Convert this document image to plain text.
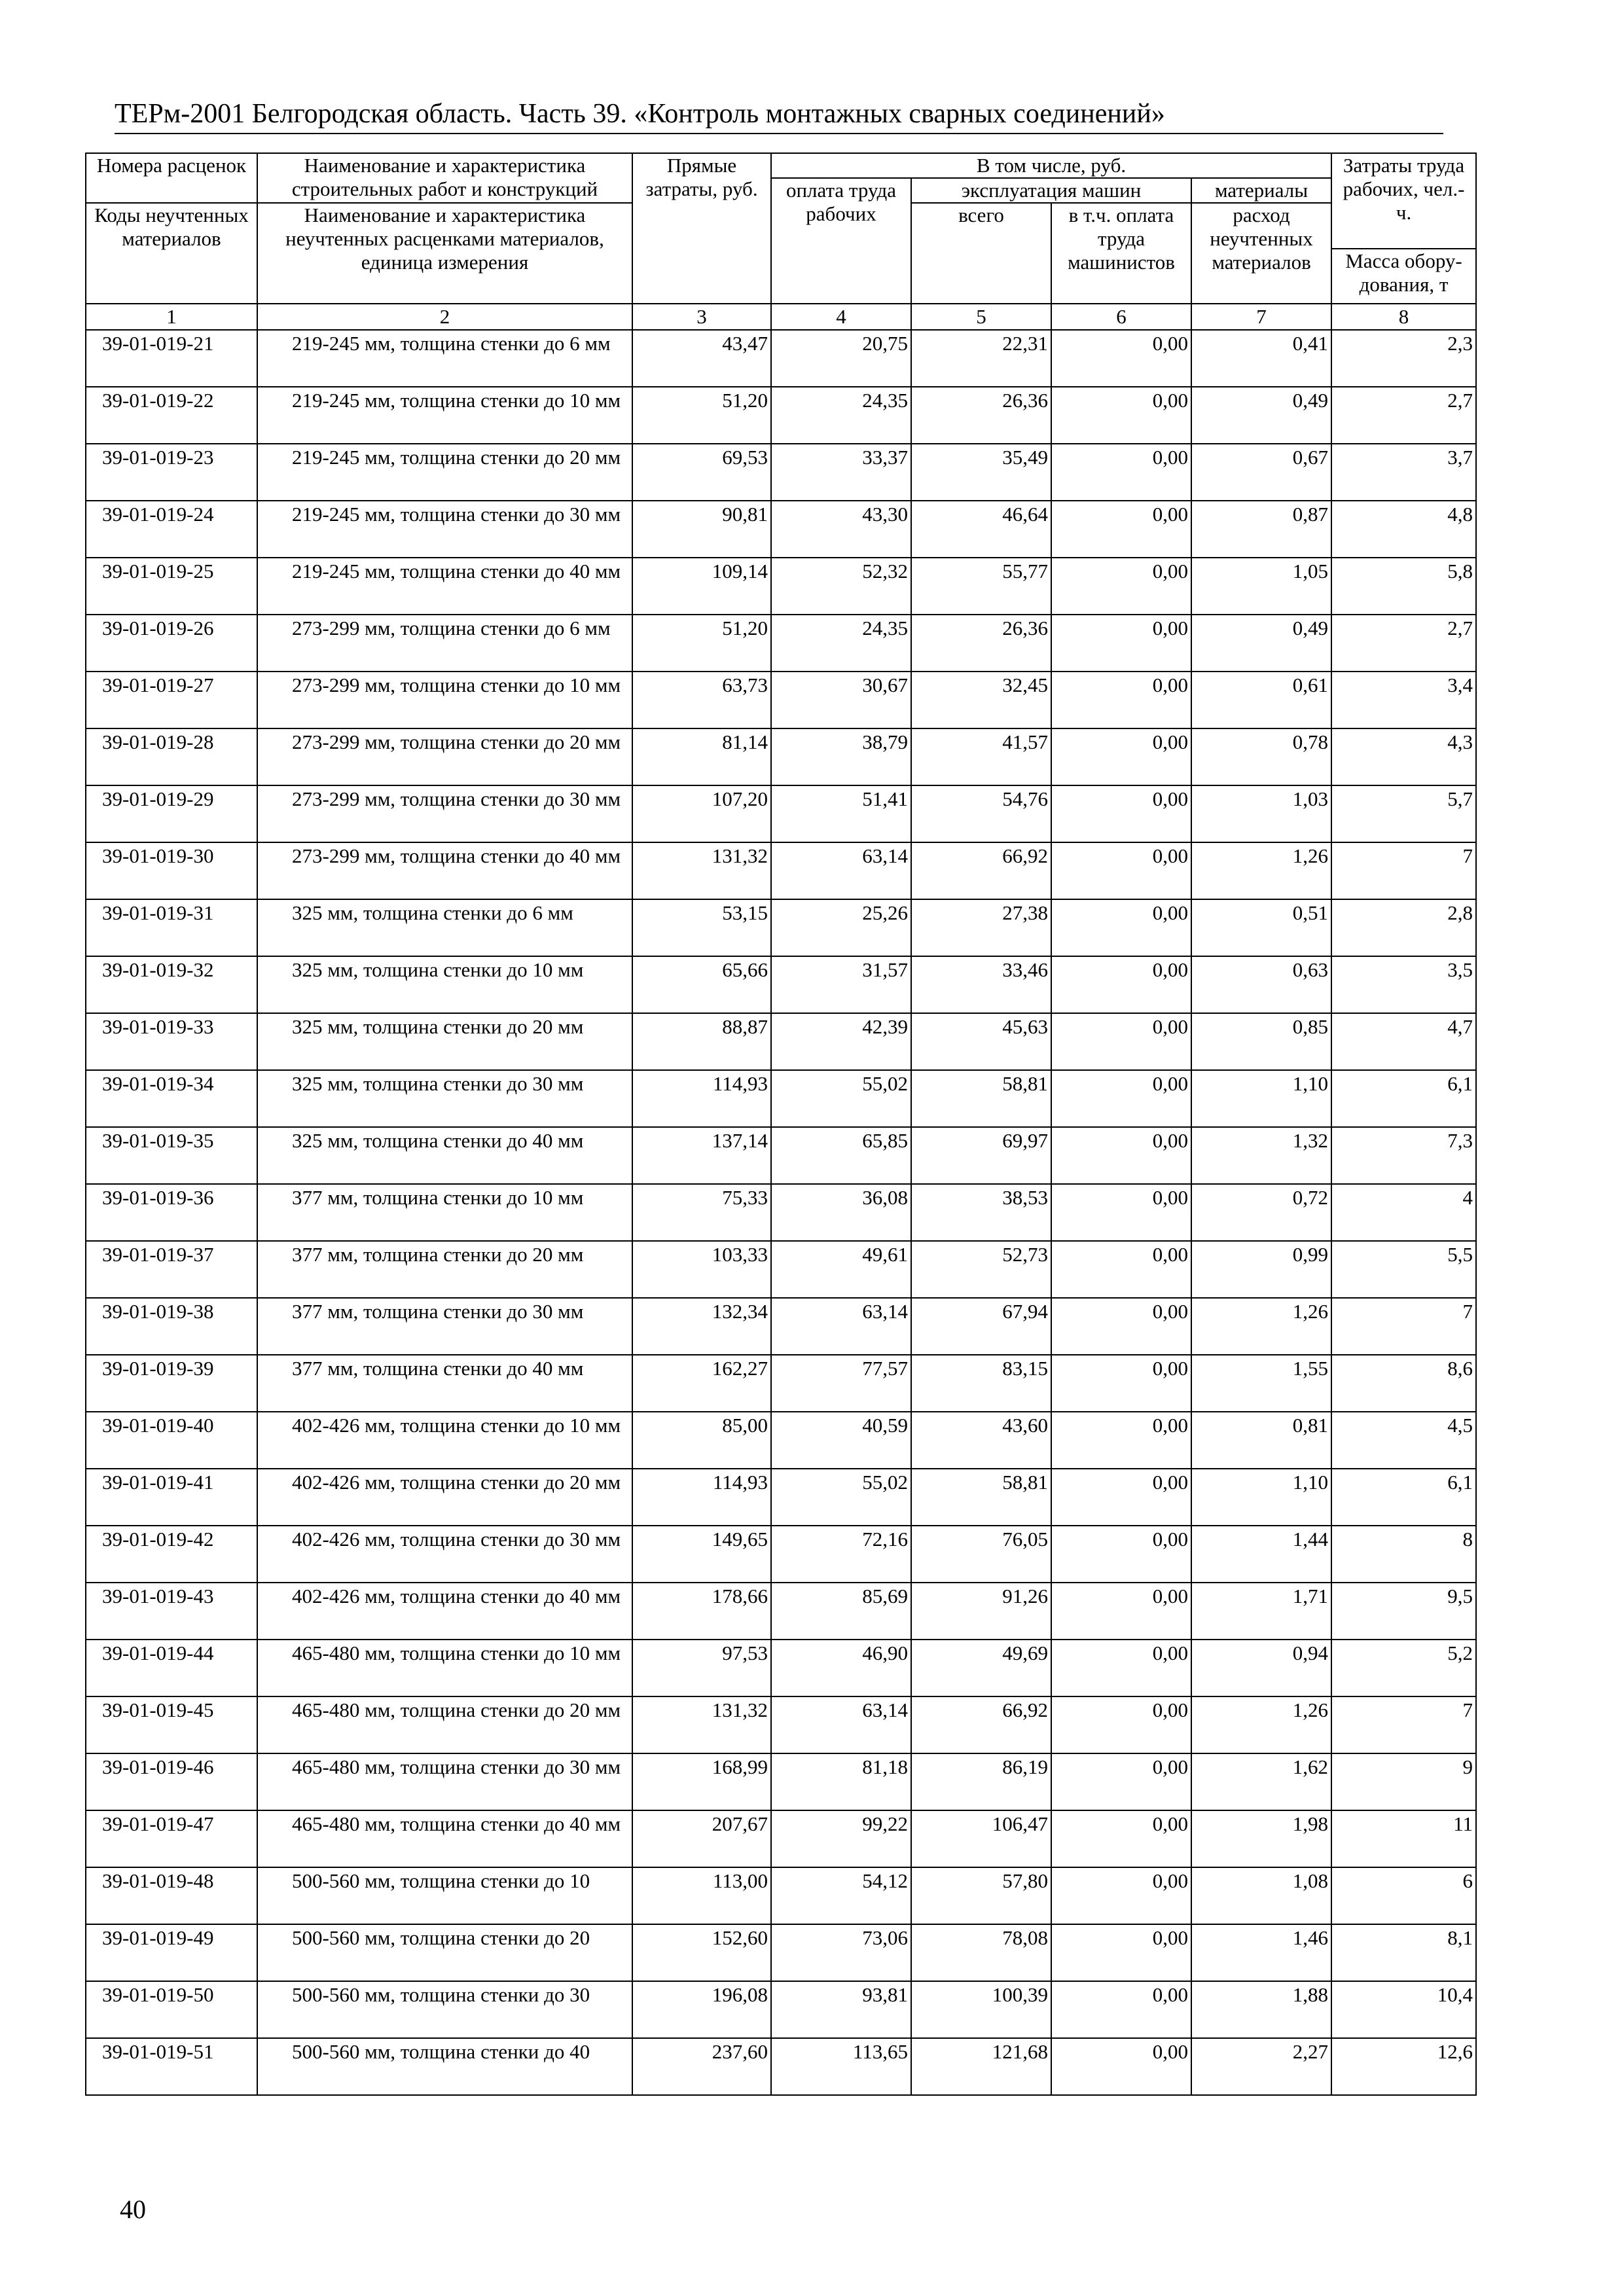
ТЕРм-2001 Белгородская область. Часть 39. «Контроль монтажных сварных соединений»
Номера расценок	Наименование и характеристика строительных работ и конструкций	Прямые затраты, руб.	В том числе, руб.				Затраты труда рабочих, чел.-ч.
			оплата труда рабочих	эксплуатация машин		материалы	
Коды неучтенных материалов	Наименование и характеристика неучтенных расценками материалов, единица измерения			всего	в т.ч. оплата труда машинистов	расход неучтенных материалов	
							Масса обору-дования, т
1	2	3	4	5	6	7	8
39-01-019-21	219-245 мм, толщина стенки до 6 мм	43,47	20,75	22,31	0,00	0,41	2,3
39-01-019-22	219-245 мм, толщина стенки до 10 мм	51,20	24,35	26,36	0,00	0,49	2,7
39-01-019-23	219-245 мм, толщина стенки до 20 мм	69,53	33,37	35,49	0,00	0,67	3,7
39-01-019-24	219-245 мм, толщина стенки до 30 мм	90,81	43,30	46,64	0,00	0,87	4,8
39-01-019-25	219-245 мм, толщина стенки до 40 мм	109,14	52,32	55,77	0,00	1,05	5,8
39-01-019-26	273-299 мм, толщина стенки до 6 мм	51,20	24,35	26,36	0,00	0,49	2,7
39-01-019-27	273-299 мм, толщина стенки до 10 мм	63,73	30,67	32,45	0,00	0,61	3,4
39-01-019-28	273-299 мм, толщина стенки до 20 мм	81,14	38,79	41,57	0,00	0,78	4,3
39-01-019-29	273-299 мм, толщина стенки до 30 мм	107,20	51,41	54,76	0,00	1,03	5,7
39-01-019-30	273-299 мм, толщина стенки до 40 мм	131,32	63,14	66,92	0,00	1,26	7
39-01-019-31	325 мм, толщина стенки до 6 мм	53,15	25,26	27,38	0,00	0,51	2,8
39-01-019-32	325 мм, толщина стенки до 10 мм	65,66	31,57	33,46	0,00	0,63	3,5
39-01-019-33	325 мм, толщина стенки до 20 мм	88,87	42,39	45,63	0,00	0,85	4,7
39-01-019-34	325 мм, толщина стенки до 30 мм	114,93	55,02	58,81	0,00	1,10	6,1
39-01-019-35	325 мм, толщина стенки до 40 мм	137,14	65,85	69,97	0,00	1,32	7,3
39-01-019-36	377 мм, толщина стенки до 10 мм	75,33	36,08	38,53	0,00	0,72	4
39-01-019-37	377 мм, толщина стенки до 20 мм	103,33	49,61	52,73	0,00	0,99	5,5
39-01-019-38	377 мм, толщина стенки до 30 мм	132,34	63,14	67,94	0,00	1,26	7
39-01-019-39	377 мм, толщина стенки до 40 мм	162,27	77,57	83,15	0,00	1,55	8,6
39-01-019-40	402-426 мм, толщина стенки до 10 мм	85,00	40,59	43,60	0,00	0,81	4,5
39-01-019-41	402-426 мм, толщина стенки до 20 мм	114,93	55,02	58,81	0,00	1,10	6,1
39-01-019-42	402-426 мм, толщина стенки до 30 мм	149,65	72,16	76,05	0,00	1,44	8
39-01-019-43	402-426 мм, толщина стенки до 40 мм	178,66	85,69	91,26	0,00	1,71	9,5
39-01-019-44	465-480 мм, толщина стенки до 10 мм	97,53	46,90	49,69	0,00	0,94	5,2
39-01-019-45	465-480 мм, толщина стенки до 20 мм	131,32	63,14	66,92	0,00	1,26	7
39-01-019-46	465-480 мм, толщина стенки до 30 мм	168,99	81,18	86,19	0,00	1,62	9
39-01-019-47	465-480 мм, толщина стенки до 40 мм	207,67	99,22	106,47	0,00	1,98	11
39-01-019-48	500-560 мм, толщина стенки до 10	113,00	54,12	57,80	0,00	1,08	6
39-01-019-49	500-560 мм, толщина стенки до 20	152,60	73,06	78,08	0,00	1,46	8,1
39-01-019-50	500-560 мм, толщина стенки до 30	196,08	93,81	100,39	0,00	1,88	10,4
39-01-019-51	500-560 мм, толщина стенки до 40	237,60	113,65	121,68	0,00	2,27	12,6
40
